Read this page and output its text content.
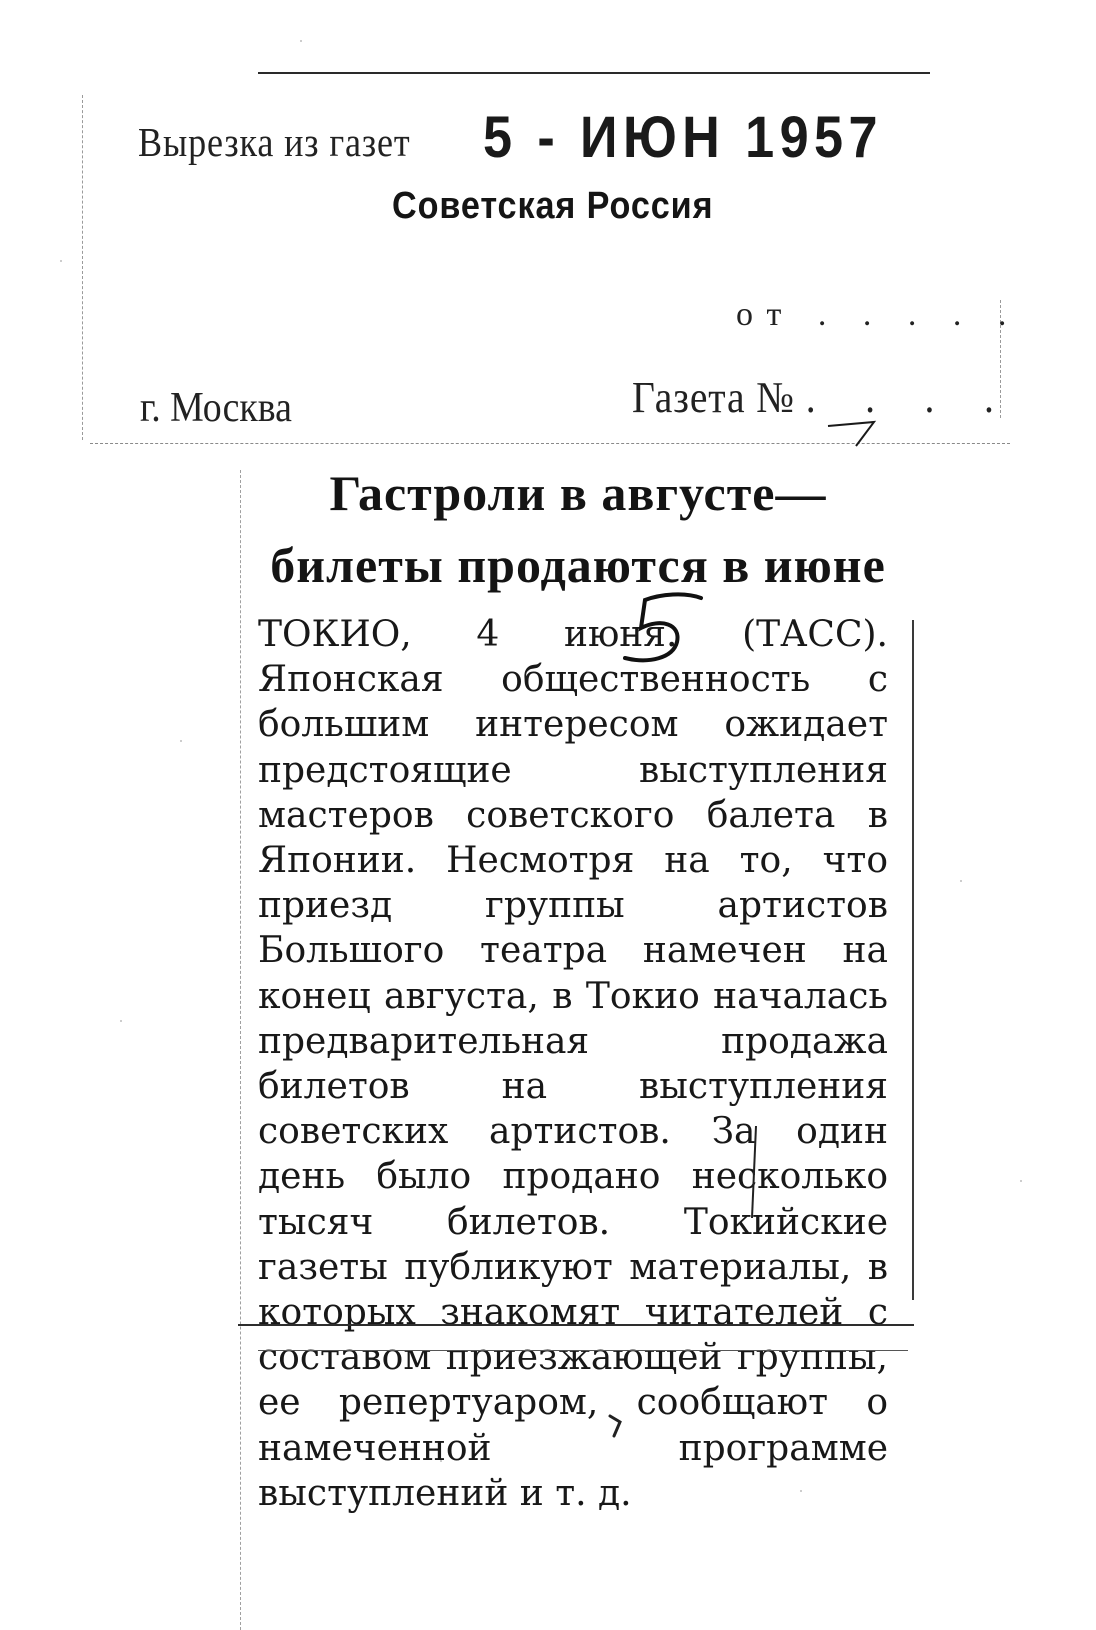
Вырезка из газет 5 - ИЮН 1957
Советская Россия
от . . . . .
г. Москва	Газета № . . . .
Гастроли в августе—
билеты продаются в июне
ТОКИО, 4 июня. (ТАСС). Японская общественность с большим интересом ожидает предстоящие выступления мастеров советского балета в Японии. Несмотря на то, что приезд группы артистов Большого театра намечен на конец августа, в Токио началась предварительная продажа билетов на выступления советских артистов. За один день было продано несколько тысяч билетов. Токийские газеты публикуют материалы, в которых знакомят читателей с составом приезжающей группы, ее репертуаром, сообщают о намеченной программе выступлений и т. д.
